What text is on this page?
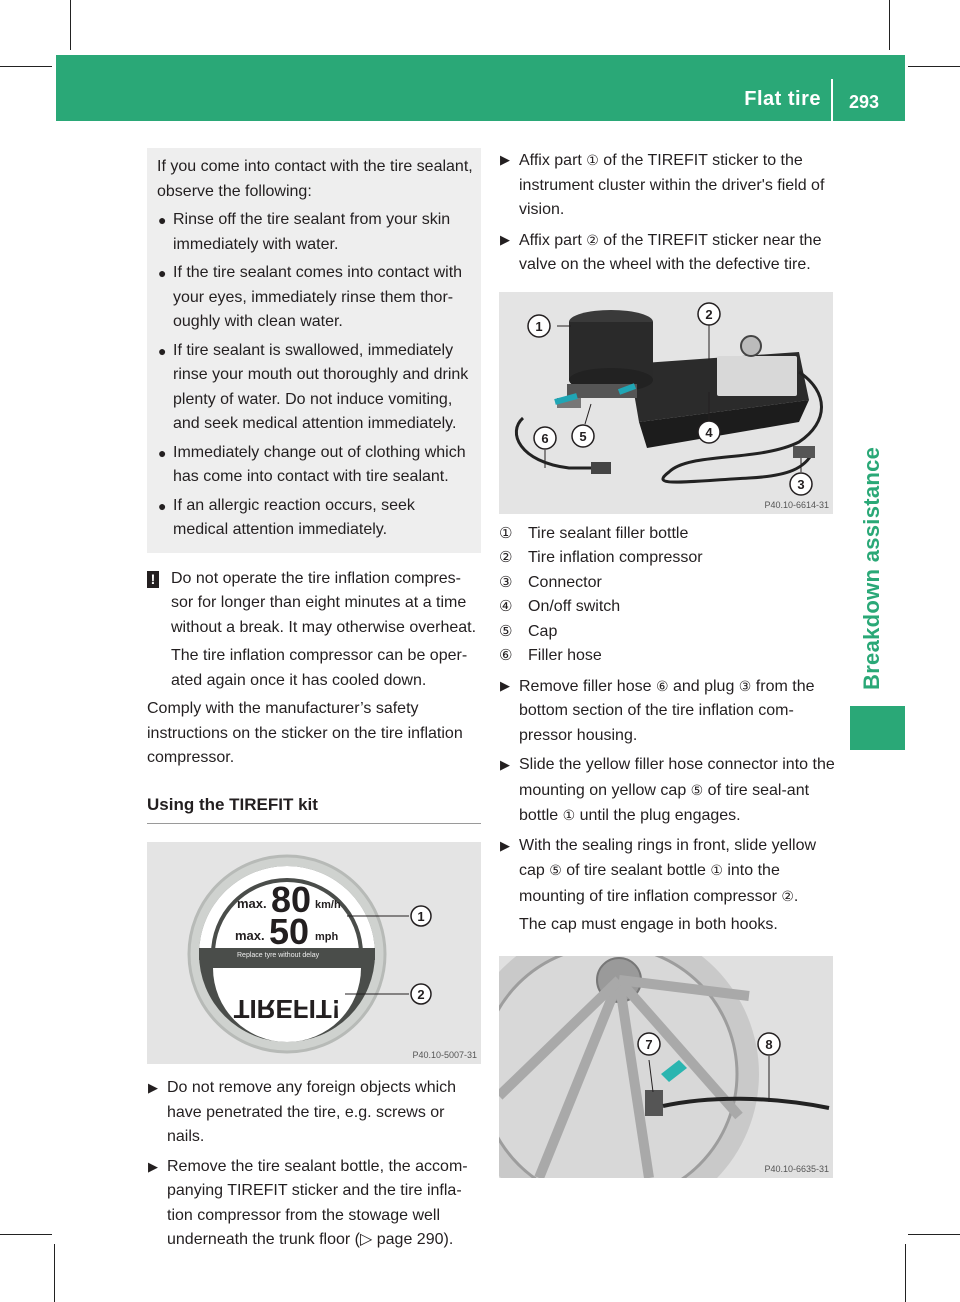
Flat tire 293
Breakdown assistance
If you come into contact with the tire sealant, observe the following:
● Rinse off the tire sealant from your skin immediately with water.
● If the tire sealant comes into contact with your eyes, immediately rinse them thor-oughly with clean water.
● If tire sealant is swallowed, immediately rinse your mouth out thoroughly and drink plenty of water. Do not induce vomiting, and seek medical attention immediately.
● Immediately change out of clothing which has come into contact with tire sealant.
● If an allergic reaction occurs, seek medical attention immediately.
! Do not operate the tire inflation compres-sor for longer than eight minutes at a time without a break. It may otherwise overheat.
The tire inflation compressor can be oper-ated again once it has cooled down.
Comply with the manufacturer’s safety instructions on the sticker on the tire inflation compressor.
Using the TIREFIT kit
max. 80 km/h
max. 50 mph
Replace tyre without delay
TIREFIT!
1
2
P40.10-5007-31
▶ Do not remove any foreign objects which have penetrated the tire, e.g. screws or nails.
▶ Remove the tire sealant bottle, the accom-panying TIREFIT sticker and the tire infla-tion compressor from the stowage well underneath the trunk floor (▷ page 290).
▶ Affix part ① of the TIREFIT sticker to the instrument cluster within the driver's field of vision.
▶ Affix part ② of the TIREFIT sticker near the valve on the wheel with the defective tire.
1
2
3
4
5
6
P40.10-6614-31
① Tire sealant filler bottle
② Tire inflation compressor
③ Connector
④ On/off switch
⑤ Cap
⑥ Filler hose
▶ Remove filler hose ⑥ and plug ③ from the bottom section of the tire inflation com-pressor housing.
▶ Slide the yellow filler hose connector into the mounting on yellow cap ⑤ of tire seal-ant bottle ① until the plug engages.
▶ With the sealing rings in front, slide yellow cap ⑤ of tire sealant bottle ① into the mounting of tire inflation compressor ②.
The cap must engage in both hooks.
7	8
P40.10-6635-31
